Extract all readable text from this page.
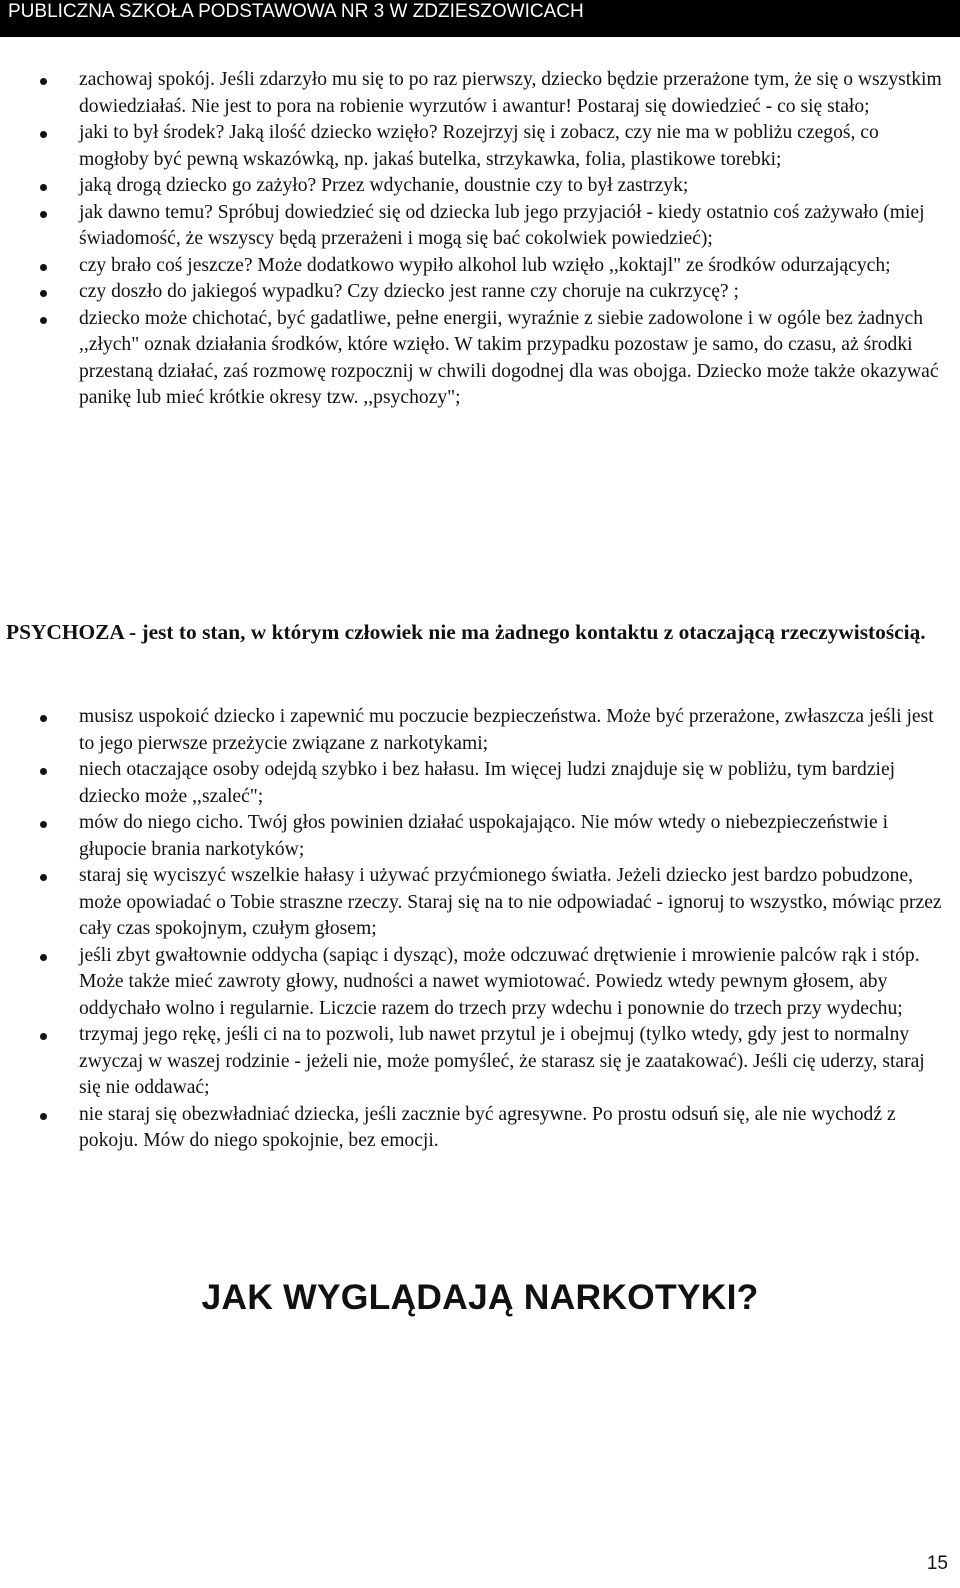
PUBLICZNA SZKOŁA PODSTAWOWA NR 3 W ZDZIESZOWICACH
zachowaj spokój. Jeśli zdarzyło mu się to po raz pierwszy, dziecko będzie przerażone tym, że się o wszystkim dowiedziałaś. Nie jest to pora na robienie wyrzutów i awantur! Postaraj się dowiedzieć - co się stało;
jaki to był środek? Jaką ilość dziecko wzięło? Rozejrzyj się i zobacz, czy nie ma w pobliżu czegoś, co mogłoby być pewną wskazówką, np. jakaś butelka, strzykawka, folia, plastikowe torebki;
jaką drogą dziecko go zażyło? Przez wdychanie, doustnie czy to był zastrzyk;
jak dawno temu? Spróbuj dowiedzieć się od dziecka lub jego przyjaciół - kiedy ostatnio coś zażywało (miej świadomość, że wszyscy będą przerażeni i mogą się bać cokolwiek powiedzieć);
czy brało coś jeszcze? Może dodatkowo wypiło alkohol lub wzięło ,,koktajl" ze środków odurzających;
czy doszło do jakiegoś wypadku? Czy dziecko jest ranne czy choruje na cukrzycę? ;
dziecko może chichotać, być gadatliwe, pełne energii, wyraźnie z siebie zadowolone i w ogóle bez żadnych ,,złych" oznak działania środków, które wzięło. W takim przypadku pozostaw je samo, do czasu, aż środki przestaną działać, zaś rozmowę rozpocznij w chwili dogodnej dla was obojga. Dziecko może także okazywać panikę lub mieć krótkie okresy tzw. ,,psychozy";

PSYCHOZA - jest to stan, w którym człowiek nie ma żadnego kontaktu z otaczającą rzeczywistością.

musisz uspokoić dziecko i zapewnić mu poczucie bezpieczeństwa. Może być przerażone, zwłaszcza jeśli jest to jego pierwsze przeżycie związane z narkotykami;
niech otaczające osoby odejdą szybko i bez hałasu. Im więcej ludzi znajduje się w pobliżu, tym bardziej dziecko może ,,szaleć";
mów do niego cicho. Twój głos powinien działać uspokajająco. Nie mów wtedy o niebezpieczeństwie i głupocie brania narkotyków;
staraj się wyciszyć wszelkie hałasy i używać przyćmionego światła. Jeżeli dziecko jest bardzo pobudzone, może opowiadać o Tobie straszne rzeczy. Staraj się na to nie odpowiadać - ignoruj to wszystko, mówiąc przez cały czas spokojnym, czułym głosem;
jeśli zbyt gwałtownie oddycha (sapiąc i dysząc), może odczuwać drętwienie i mrowienie palców rąk i stóp. Może także mieć zawroty głowy, nudności a nawet wymiotować. Powiedz wtedy pewnym głosem, aby oddychało wolno i regularnie. Liczcie razem do trzech przy wdechu i ponownie do trzech przy wydechu;
trzymaj jego rękę, jeśli ci na to pozwoli, lub nawet przytul je i obejmuj (tylko wtedy, gdy jest to normalny zwyczaj w waszej rodzinie - jeżeli nie, może pomyśleć, że starasz się je zaatakować). Jeśli cię uderzy, staraj się nie oddawać;
nie staraj się obezwładniać dziecka, jeśli zacznie być agresywne. Po prostu odsuń się, ale nie wychodź z pokoju. Mów do niego spokojnie, bez emocji.
JAK WYGLĄDAJĄ NARKOTYKI?
15
